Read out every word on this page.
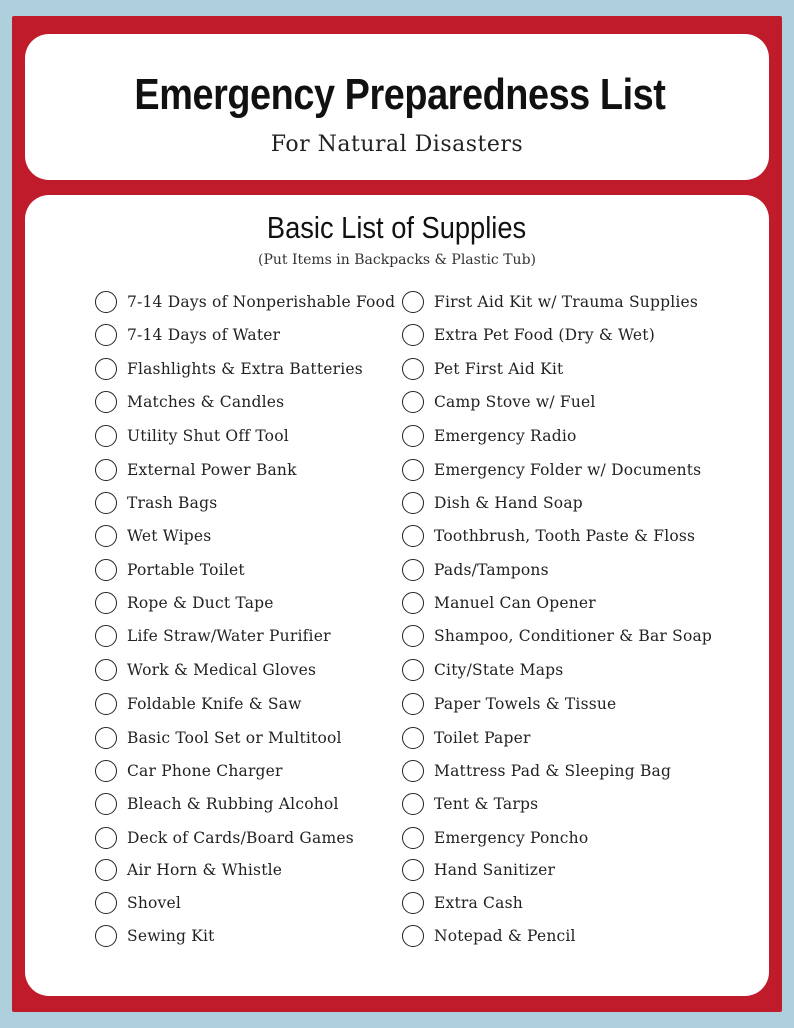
Emergency Preparedness List
For Natural Disasters
Basic List of Supplies
(Put Items in Backpacks & Plastic Tub)
7-14 Days of Nonperishable Food
7-14 Days of Water
Flashlights & Extra Batteries
Matches & Candles
Utility Shut Off Tool
External Power Bank
Trash Bags
Wet Wipes
Portable Toilet
Rope & Duct Tape
Life Straw/Water Purifier
Work & Medical Gloves
Foldable Knife & Saw
Basic Tool Set or Multitool
Car Phone Charger
Bleach & Rubbing Alcohol
Deck of Cards/Board Games
Air Horn & Whistle
Shovel
Sewing Kit
First Aid Kit w/ Trauma Supplies
Extra Pet Food (Dry & Wet)
Pet First Aid Kit
Camp Stove w/ Fuel
Emergency Radio
Emergency Folder w/ Documents
Dish & Hand Soap
Toothbrush, Tooth Paste & Floss
Pads/Tampons
Manuel Can Opener
Shampoo, Conditioner & Bar Soap
City/State Maps
Paper Towels & Tissue
Toilet Paper
Mattress Pad & Sleeping Bag
Tent & Tarps
Emergency Poncho
Hand Sanitizer
Extra Cash
Notepad & Pencil
